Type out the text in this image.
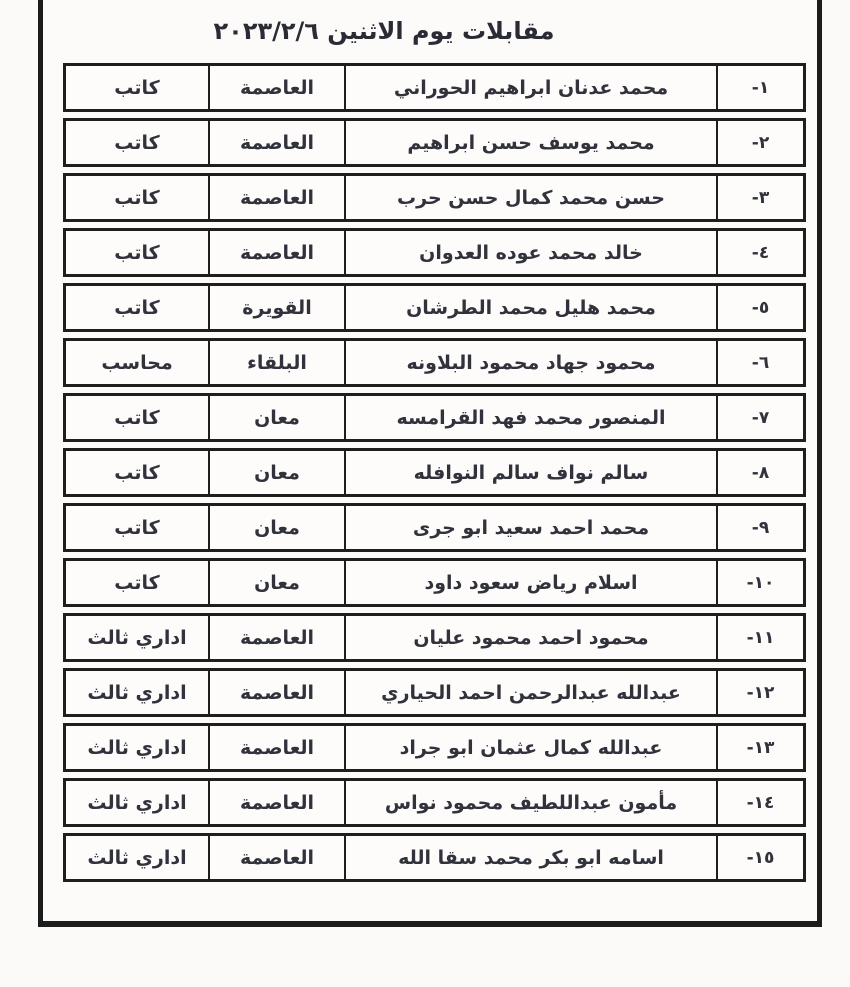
مقابلات يوم الاثنين ٢٠٢٣/٢/٦
١-
محمد عدنان ابراهيم الحوراني
العاصمة
كاتب
٢-
محمد يوسف حسن ابراهيم
العاصمة
كاتب
٣-
حسن محمد كمال حسن حرب
العاصمة
كاتب
٤-
خالد محمد عوده العدوان
العاصمة
كاتب
٥-
محمد هليل محمد الطرشان
القويرة
كاتب
٦-
محمود جهاد محمود البلاونه
البلقاء
محاسب
٧-
المنصور محمد فهد القرامسه
معان
كاتب
٨-
سالم نواف سالم النوافله
معان
كاتب
٩-
محمد احمد سعيد ابو جرى
معان
كاتب
١٠-
اسلام رياض سعود داود
معان
كاتب
١١-
محمود احمد محمود عليان
العاصمة
اداري ثالث
١٢-
عبدالله عبدالرحمن احمد الحياري
العاصمة
اداري ثالث
١٣-
عبدالله كمال عثمان ابو جراد
العاصمة
اداري ثالث
١٤-
مأمون عبداللطيف محمود نواس
العاصمة
اداري ثالث
١٥-
اسامه ابو بكر محمد سقا الله
العاصمة
اداري ثالث
